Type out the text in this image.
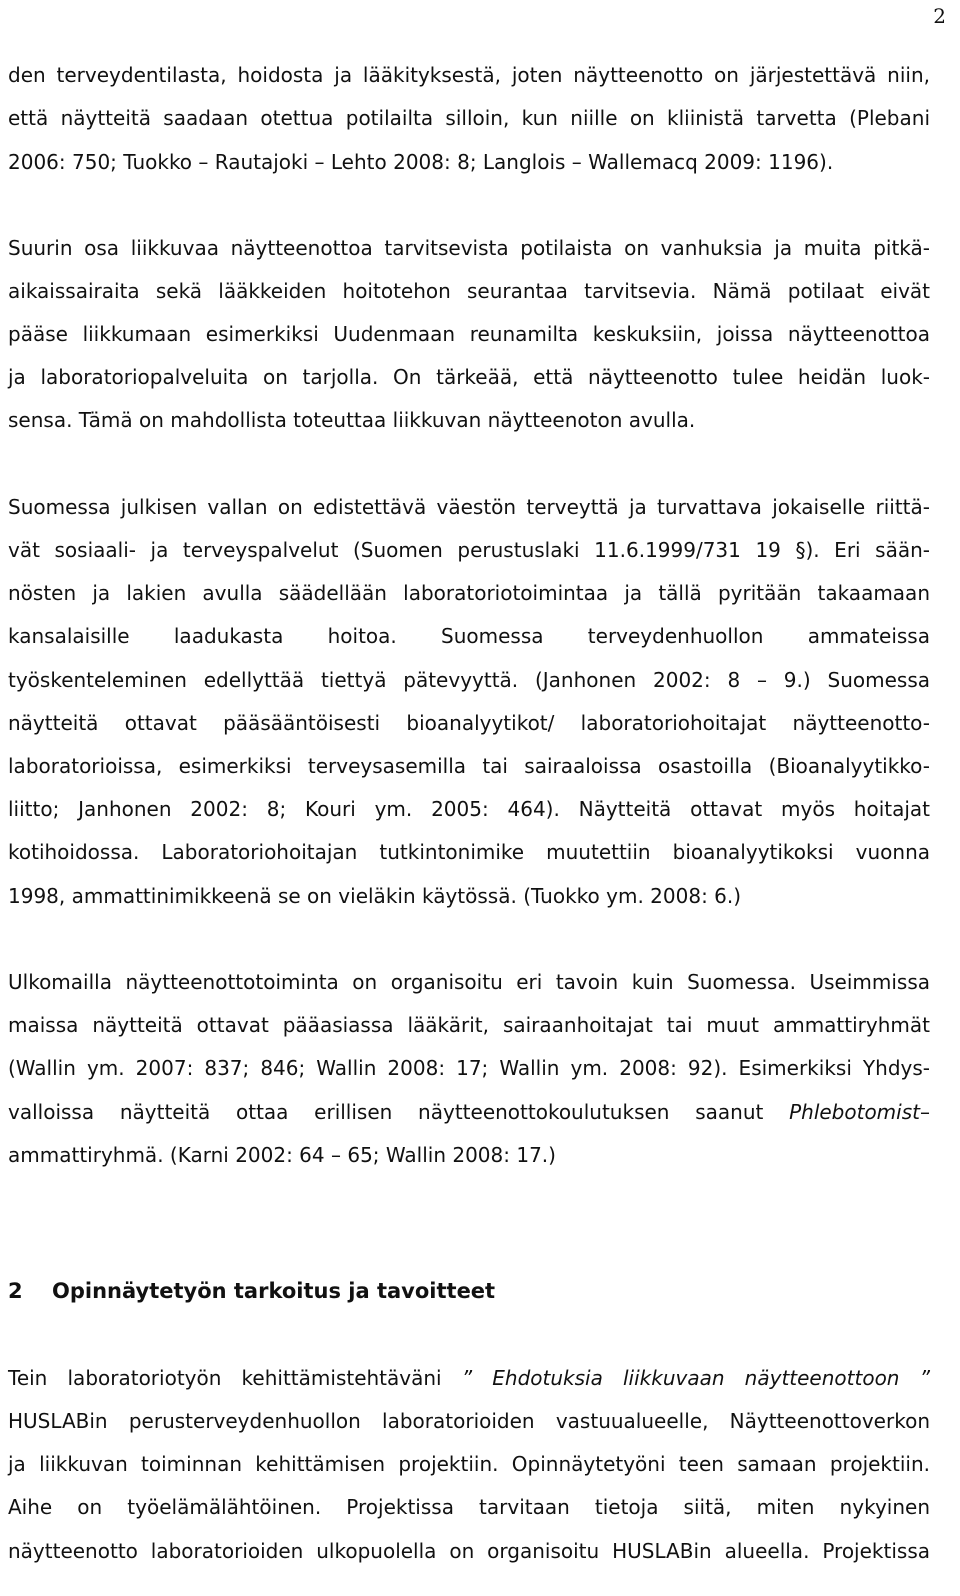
2
den terveydentilasta, hoidosta ja lääkityksestä, joten näytteenotto on järjestettävä niin,
että näytteitä saadaan otettua potilailta silloin, kun niille on kliinistä tarvetta (Plebani
2006: 750; Tuokko – Rautajoki – Lehto 2008: 8; Langlois – Wallemacq 2009: 1196).
Suurin osa liikkuvaa näytteenottoa tarvitsevista potilaista on vanhuksia ja muita pitkä-
aikaissairaita sekä lääkkeiden hoitotehon seurantaa tarvitsevia. Nämä potilaat eivät
pääse liikkumaan esimerkiksi Uudenmaan reunamilta keskuksiin, joissa näytteenottoa
ja laboratoriopalveluita on tarjolla. On tärkeää, että näytteenotto tulee heidän luok-
sensa. Tämä on mahdollista toteuttaa liikkuvan näytteenoton avulla.
Suomessa julkisen vallan on edistettävä väestön terveyttä ja turvattava jokaiselle riittä-
vät sosiaali- ja terveyspalvelut (Suomen perustuslaki 11.6.1999/731 19 §). Eri sään-
nösten ja lakien avulla säädellään laboratoriotoimintaa ja tällä pyritään takaamaan
kansalaisille laadukasta hoitoa. Suomessa terveydenhuollon ammateissa
työskenteleminen edellyttää tiettyä pätevyyttä. (Janhonen 2002: 8 – 9.) Suomessa
näytteitä ottavat pääsääntöisesti bioanalyytikot/ laboratoriohoitajat näytteenotto-
laboratorioissa, esimerkiksi terveysasemilla tai sairaaloissa osastoilla (Bioanalyytikko-
liitto; Janhonen 2002: 8; Kouri ym. 2005: 464). Näytteitä ottavat myös hoitajat
kotihoidossa. Laboratoriohoitajan tutkintonimike muutettiin bioanalyytikoksi vuonna
1998, ammattinimikkeenä se on vieläkin käytössä. (Tuokko ym. 2008: 6.)
Ulkomailla näytteenottotoiminta on organisoitu eri tavoin kuin Suomessa. Useimmissa
maissa näytteitä ottavat pääasiassa lääkärit, sairaanhoitajat tai muut ammattiryhmät
(Wallin ym. 2007: 837; 846; Wallin 2008: 17; Wallin ym. 2008: 92). Esimerkiksi Yhdys-
valloissa näytteitä ottaa erillisen näytteenottokoulutuksen saanut Phlebotomist–
ammattiryhmä. (Karni 2002: 64 – 65; Wallin 2008: 17.)
2 Opinnäytetyön tarkoitus ja tavoitteet
Tein laboratoriotyön kehittämistehtäväni ” Ehdotuksia liikkuvaan näytteenottoon ”
HUSLABin perusterveydenhuollon laboratorioiden vastuualueelle, Näytteenottoverkon
ja liikkuvan toiminnan kehittämisen projektiin. Opinnäytetyöni teen samaan projektiin.
Aihe on työelämälähtöinen. Projektissa tarvitaan tietoja siitä, miten nykyinen
näytteenotto laboratorioiden ulkopuolella on organisoitu HUSLABin alueella. Projektissa
